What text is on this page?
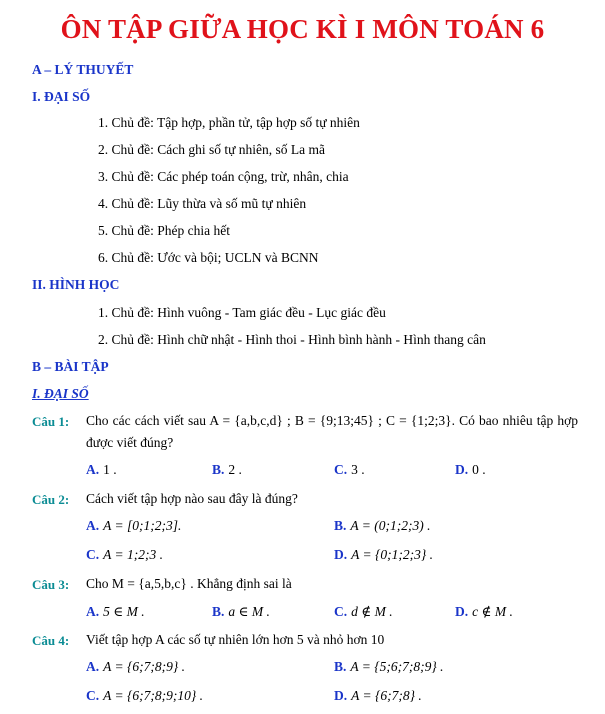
ÔN TẬP GIỮA HỌC KÌ I MÔN TOÁN 6
A – LÝ THUYẾT
I. ĐẠI SỐ
1. Chủ đề: Tập hợp, phần tử, tập hợp số tự nhiên
2. Chủ đề: Cách ghi số tự nhiên, số La mã
3. Chủ đề: Các phép toán cộng, trừ, nhân, chia
4. Chủ đề: Lũy thừa và số mũ tự nhiên
5. Chủ đề: Phép chia hết
6. Chủ đề: Ước và bội; UCLN và BCNN
II. HÌNH HỌC
1. Chủ đề: Hình vuông - Tam giác đều - Lục giác đều
2. Chủ đề: Hình chữ nhật - Hình thoi - Hình bình hành - Hình thang cân
B – BÀI TẬP
I. ĐẠI SỐ
Câu 1: Cho các cách viết sau A = {a,b,c,d} ; B = {9;13;45} ; C = {1;2;3}. Có bao nhiêu tập hợp được viết đúng?
A. 1 .	B. 2 .	C. 3 .	D. 0 .
Câu 2: Cách viết tập hợp nào sau đây là đúng?
A. A = [0;1;2;3].	B. A = (0;1;2;3) .
C. A = 1;2;3 .	D. A = {0;1;2;3} .
Câu 3: Cho M = {a,5,b,c} . Khẳng định sai là
A. 5 ∈ M .	B. a ∈ M .	C. d ∉ M .	D. c ∉ M .
Câu 4: Viết tập hợp A các số tự nhiên lớn hơn 5 và nhỏ hơn 10
A. A = {6;7;8;9} .	B. A = {5;6;7;8;9} .
C. A = {6;7;8;9;10} .	D. A = {6;7;8} .
